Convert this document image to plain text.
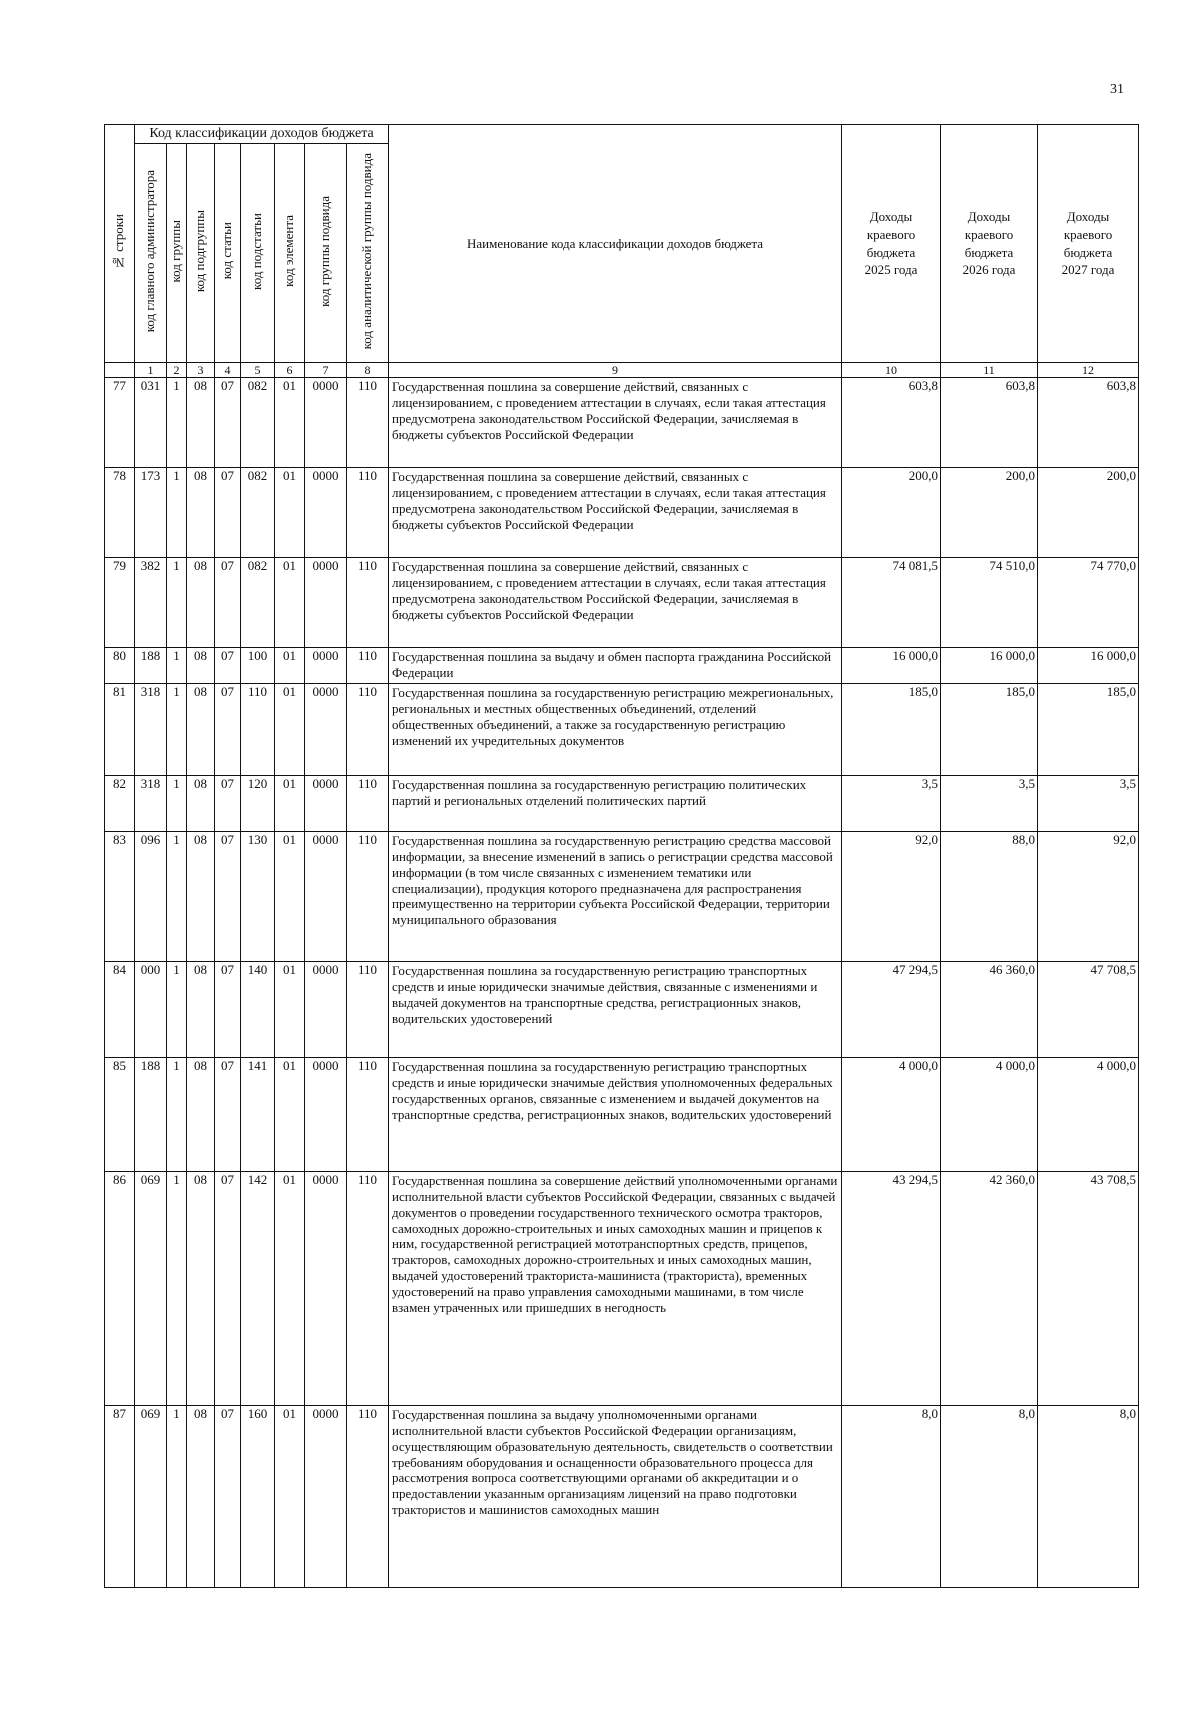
31
№ строки	Код классификации доходов бюджета								Наименование кода классификации доходов бюджета	Доходы
краевого
бюджета
2025 года	Доходы
краевого
бюджета
2026 года	Доходы
краевого
бюджета
2027 года
	код главного администратора	код группы	код подгруппы	код статьи	код подстатьи	код элемента	код группы подвида	код аналитической группы подвида				
	1	2	3	4	5	6	7	8	9	10	11	12
77	031	1	08	07	082	01	0000	110	Государственная пошлина за совершение действий, связанных с лицензированием, с проведением аттестации в случаях, если такая аттестация предусмотрена законодательством Российской Федерации, зачисляемая в бюджеты субъектов Российской Федерации	603,8	603,8	603,8
78	173	1	08	07	082	01	0000	110	Государственная пошлина за совершение действий, связанных с лицензированием, с проведением аттестации в случаях, если такая аттестация предусмотрена законодательством Российской Федерации, зачисляемая в бюджеты субъектов Российской Федерации	200,0	200,0	200,0
79	382	1	08	07	082	01	0000	110	Государственная пошлина за совершение действий, связанных с лицензированием, с проведением аттестации в случаях, если такая аттестация предусмотрена законодательством Российской Федерации, зачисляемая в бюджеты субъектов Российской Федерации	74 081,5	74 510,0	74 770,0
80	188	1	08	07	100	01	0000	110	Государственная пошлина за выдачу и обмен паспорта гражданина Российской Федерации	16 000,0	16 000,0	16 000,0
81	318	1	08	07	110	01	0000	110	Государственная пошлина за государственную регистрацию межрегиональных, региональных и местных общественных объединений, отделений общественных объединений, а также за государственную регистрацию изменений их учредительных документов	185,0	185,0	185,0
82	318	1	08	07	120	01	0000	110	Государственная пошлина за государственную регистрацию политических партий и региональных отделений политических партий	3,5	3,5	3,5
83	096	1	08	07	130	01	0000	110	Государственная пошлина за государственную регистрацию средства массовой информации, за внесение изменений в запись о регистрации средства массовой информации (в том числе связанных с изменением тематики или специализации), продукция которого предназначена для распространения преимущественно на территории субъекта Российской Федерации, территории муниципального образования	92,0	88,0	92,0
84	000	1	08	07	140	01	0000	110	Государственная пошлина за государственную регистрацию транспортных средств и иные юридически значимые действия, связанные с изменениями и выдачей документов на транспортные средства, регистрационных знаков, водительских удостоверений	47 294,5	46 360,0	47 708,5
85	188	1	08	07	141	01	0000	110	Государственная пошлина за государственную регистрацию транспортных средств и иные юридически значимые действия уполномоченных федеральных государственных органов, связанные с изменением и выдачей документов на транспортные средства, регистрационных знаков, водительских удостоверений	4 000,0	4 000,0	4 000,0
86	069	1	08	07	142	01	0000	110	Государственная пошлина за совершение действий уполномоченными органами исполнительной власти субъектов Российской Федерации, связанных с выдачей документов о проведении государственного технического осмотра тракторов, самоходных дорожно-строительных и иных самоходных машин и прицепов к ним, государственной регистрацией мототранспортных средств, прицепов, тракторов, самоходных дорожно-строительных и иных самоходных машин, выдачей удостоверений тракториста-машиниста (тракториста), временных удостоверений на право управления самоходными машинами, в том числе взамен утраченных или пришедших в негодность	43 294,5	42 360,0	43 708,5
87	069	1	08	07	160	01	0000	110	Государственная пошлина за выдачу уполномоченными органами исполнительной власти субъектов Российской Федерации организациям, осуществляющим образовательную деятельность, свидетельств о соответствии требованиям оборудования и оснащенности образовательного процесса для рассмотрения вопроса соответствующими органами об аккредитации и о предоставлении указанным организациям лицензий на право подготовки трактористов и машинистов самоходных машин	8,0	8,0	8,0
